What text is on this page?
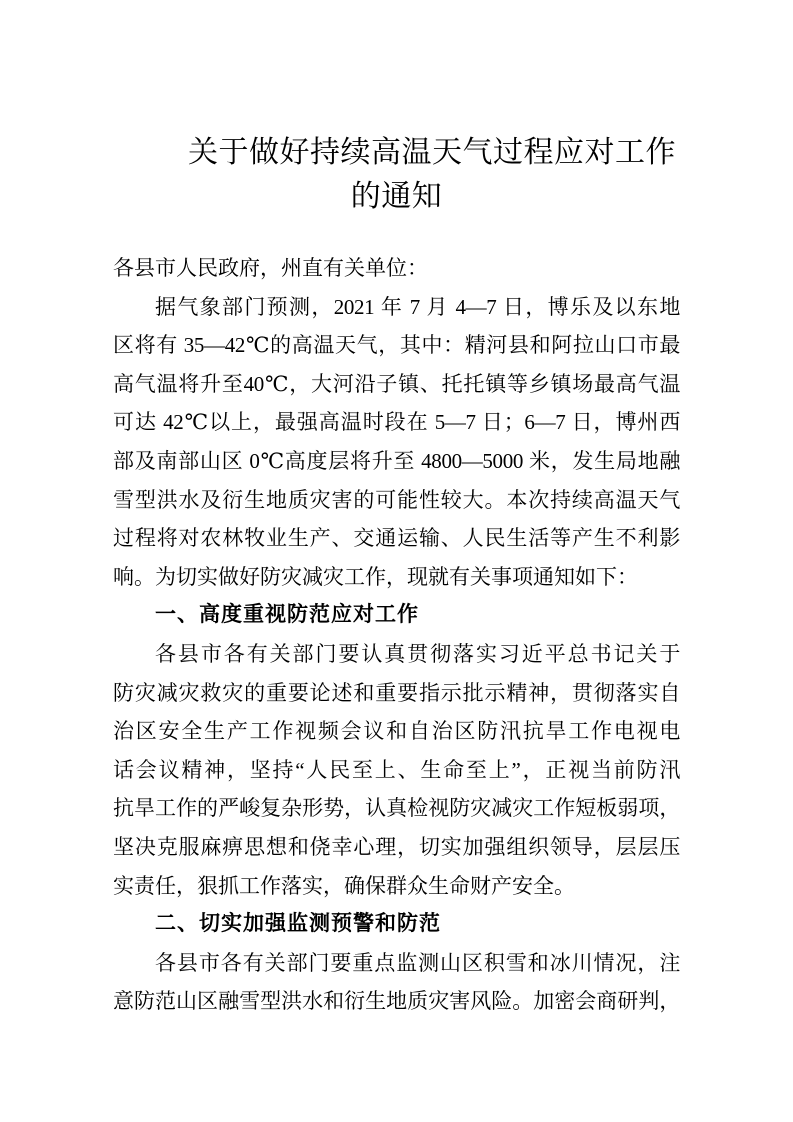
关于做好持续高温天气过程应对工作
的通知
各县市人民政府，州直有关单位：
据气象部门预测，2021 年 7 月 4—7 日，博乐及以东地
区将有 35—42℃的高温天气，其中：精河县和阿拉山口市最
高气温将升至40℃，大河沿子镇、托托镇等乡镇场最高气温
可达 42℃以上，最强高温时段在 5—7 日；6—7 日，博州西
部及南部山区 0℃高度层将升至 4800—5000 米，发生局地融
雪型洪水及衍生地质灾害的可能性较大。本次持续高温天气
过程将对农林牧业生产、交通运输、人民生活等产生不利影
响。为切实做好防灾减灾工作，现就有关事项通知如下：
一、高度重视防范应对工作
各县市各有关部门要认真贯彻落实习近平总书记关于
防灾减灾救灾的重要论述和重要指示批示精神，贯彻落实自
治区安全生产工作视频会议和自治区防汛抗旱工作电视电
话会议精神，坚持“人民至上、生命至上”，正视当前防汛
抗旱工作的严峻复杂形势，认真检视防灾减灾工作短板弱项，
坚决克服麻痹思想和侥幸心理，切实加强组织领导，层层压
实责任，狠抓工作落实，确保群众生命财产安全。
二、切实加强监测预警和防范
各县市各有关部门要重点监测山区积雪和冰川情况，注
意防范山区融雪型洪水和衍生地质灾害风险。加密会商研判，
